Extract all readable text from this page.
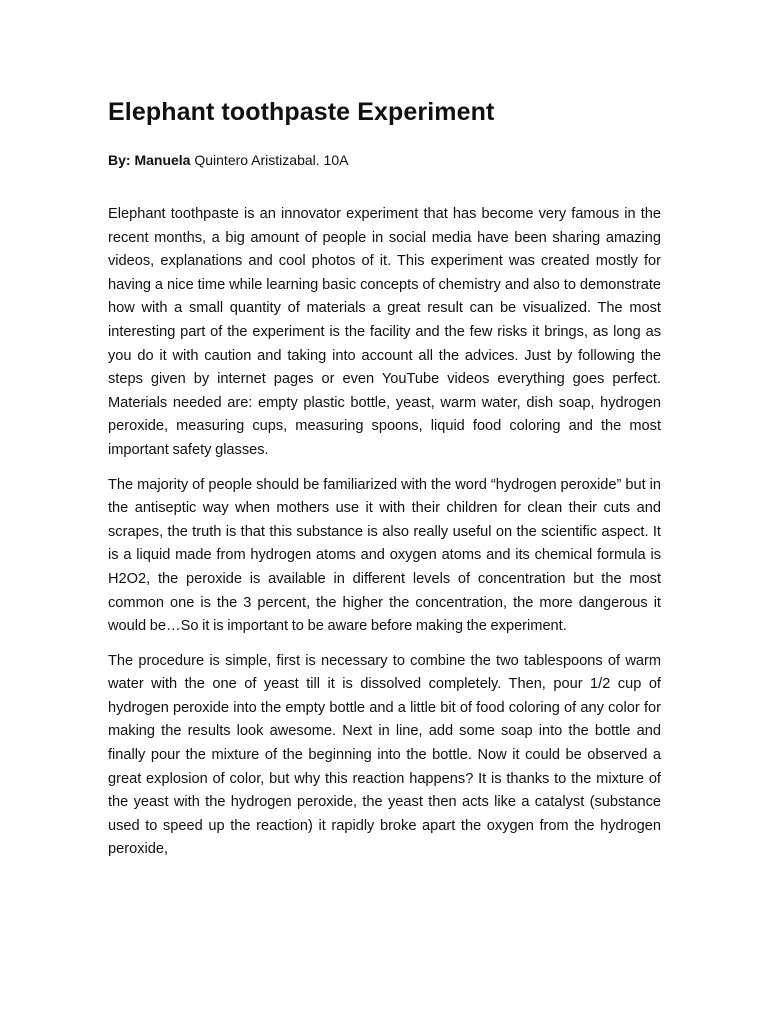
Elephant toothpaste Experiment

By: Manuela Quintero Aristizabal. 10A

Elephant toothpaste is an innovator experiment that has become very famous in the recent months, a big amount of people in social media have been sharing amazing videos, explanations and cool photos of it. This experiment was created mostly for having a nice time while learning basic concepts of chemistry and also to demonstrate how with a small quantity of materials a great result can be visualized. The most interesting part of the experiment is the facility and the few risks it brings, as long as you do it with caution and taking into account all the advices. Just by following the steps given by internet pages or even YouTube videos everything goes perfect. Materials needed are: empty plastic bottle, yeast, warm water, dish soap, hydrogen peroxide, measuring cups, measuring spoons, liquid food coloring and the most important safety glasses.

The majority of people should be familiarized with the word “hydrogen peroxide” but in the antiseptic way when mothers use it with their children for clean their cuts and scrapes, the truth is that this substance is also really useful on the scientific aspect. It is a liquid made from hydrogen atoms and oxygen atoms and its chemical formula is H2O2, the peroxide is available in different levels of concentration but the most common one is the 3 percent, the higher the concentration, the more dangerous it would be…So it is important to be aware before making the experiment.

The procedure is simple, first is necessary to combine the two tablespoons of warm water with the one of yeast till it is dissolved completely. Then, pour 1/2 cup of hydrogen peroxide into the empty bottle and a little bit of food coloring of any color for making the results look awesome. Next in line, add some soap into the bottle and finally pour the mixture of the beginning into the bottle. Now it could be observed a great explosion of color, but why this reaction happens? It is thanks to the mixture of the yeast with the hydrogen peroxide, the yeast then acts like a catalyst (substance used to speed up the reaction) it rapidly broke apart the oxygen from the hydrogen peroxide,
